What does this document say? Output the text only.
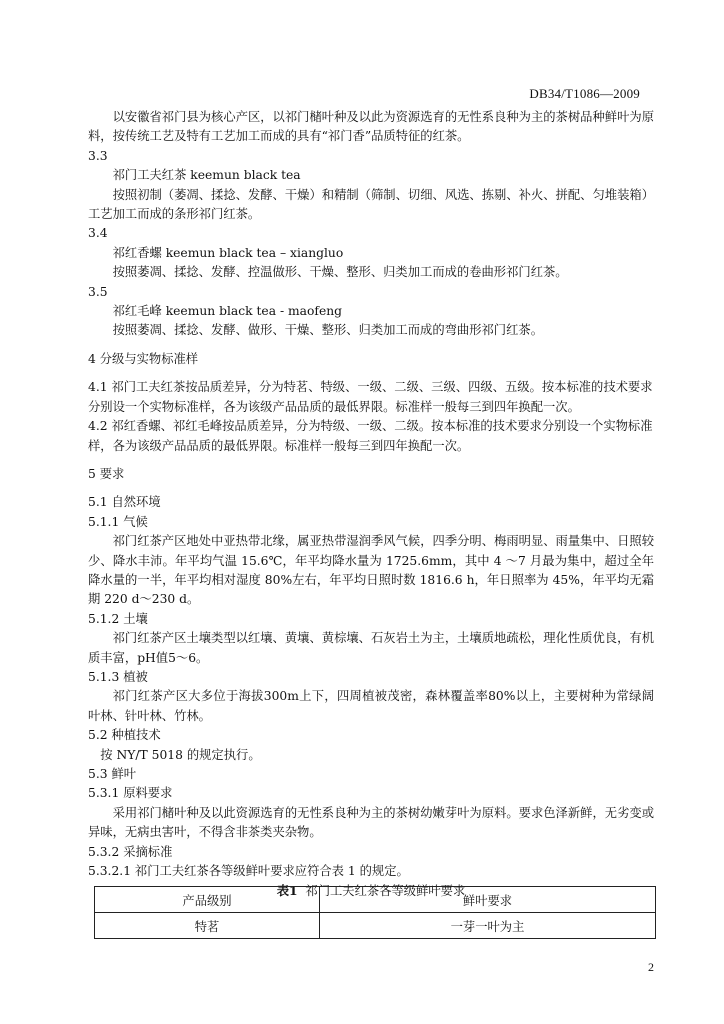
DB34/T1086—2009

以安徽省祁门县为核心产区，以祁门槠叶种及以此为资源选育的无性系良种为主的茶树品种鲜叶为原料，按传统工艺及特有工艺加工而成的具有“祁门香”品质特征的红茶。

3.3

祁门工夫红茶 keemun black tea

按照初制（萎凋、揉捻、发酵、干燥）和精制（筛制、切细、风选、拣剔、补火、拼配、匀堆装箱）工艺加工而成的条形祁门红茶。

3.4

祁红香螺 keemun black tea – xiangluo

按照萎凋、揉捻、发酵、控温做形、干燥、整形、归类加工而成的卷曲形祁门红茶。

3.5

祁红毛峰 keemun black tea - maofeng

按照萎凋、揉捻、发酵、做形、干燥、整形、归类加工而成的弯曲形祁门红茶。

4 分级与实物标准样

4.1 祁门工夫红茶按品质差异，分为特茗、特级、一级、二级、三级、四级、五级。按本标准的技术要求分别设一个实物标准样，各为该级产品品质的最低界限。标准样一般每三到四年换配一次。

4.2 祁红香螺、祁红毛峰按品质差异，分为特级、一级、二级。按本标准的技术要求分别设一个实物标准样，各为该级产品品质的最低界限。标准样一般每三到四年换配一次。

5 要求

5.1 自然环境

5.1.1 气候

祁门红茶产区地处中亚热带北缘，属亚热带湿润季风气候，四季分明、梅雨明显、雨量集中、日照较少、降水丰沛。年平均气温 15.6℃，年平均降水量为 1725.6mm，其中 4 ～7 月最为集中，超过全年降水量的一半，年平均相对湿度 80%左右，年平均日照时数 1816.6 h，年日照率为 45%，年平均无霜期 220 d～230 d。

5.1.2 土壤

祁门红茶产区土壤类型以红壤、黄壤、黄棕壤、石灰岩土为主，土壤质地疏松，理化性质优良，有机质丰富，pH值5～6。

5.1.3 植被

祁门红茶产区大多位于海拔300m上下，四周植被茂密，森林覆盖率80%以上，主要树种为常绿阔叶林、针叶林、竹林。

5.2 种植技术

按 NY/T 5018 的规定执行。

5.3 鲜叶

5.3.1 原料要求

采用祁门槠叶种及以此资源选育的无性系良种为主的茶树幼嫩芽叶为原料。要求色泽新鲜，无劣变或异味，无病虫害叶，不得含非茶类夹杂物。

5.3.2 采摘标准

5.3.2.1 祁门工夫红茶各等级鲜叶要求应符合表 1 的规定。

表1 祁门工夫红茶各等级鲜叶要求

产品级别	鲜叶要求
特茗	一芽一叶为主
2
